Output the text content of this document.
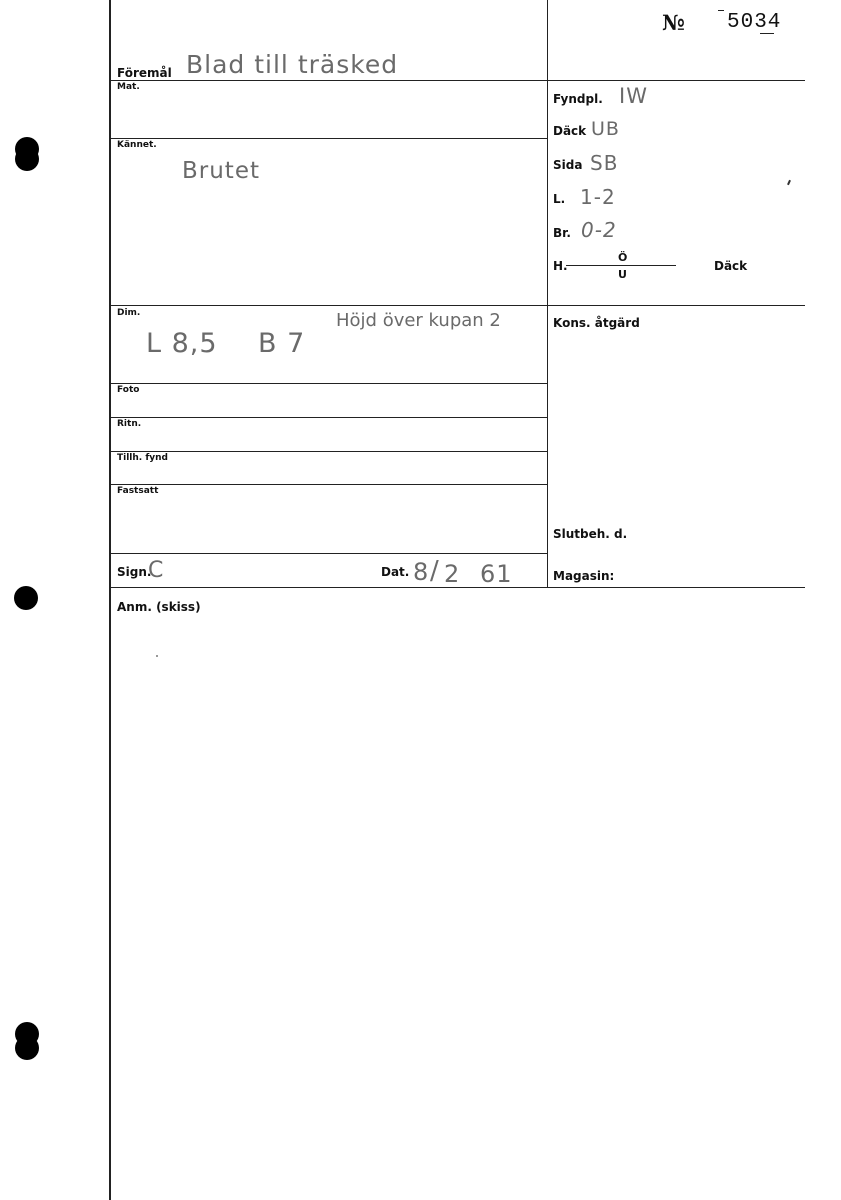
№ 5034
Föremål
Mat.
Kännet.
Dim.
Foto
Ritn.
Tillh. fynd
Fastsatt
Sign.	Dat.
Anm. (skiss)
Fyndpl.
Däck
Sida
L.
Br.
H.
Ö
U
Däck
Kons. åtgärd
Slutbeh. d.
Magasin:
Blad till träsked
Brutet
IW
UB
SB
1-2
0-2
L 8,5 B 7
Höjd över kupan 2
C	8 / 2 61
